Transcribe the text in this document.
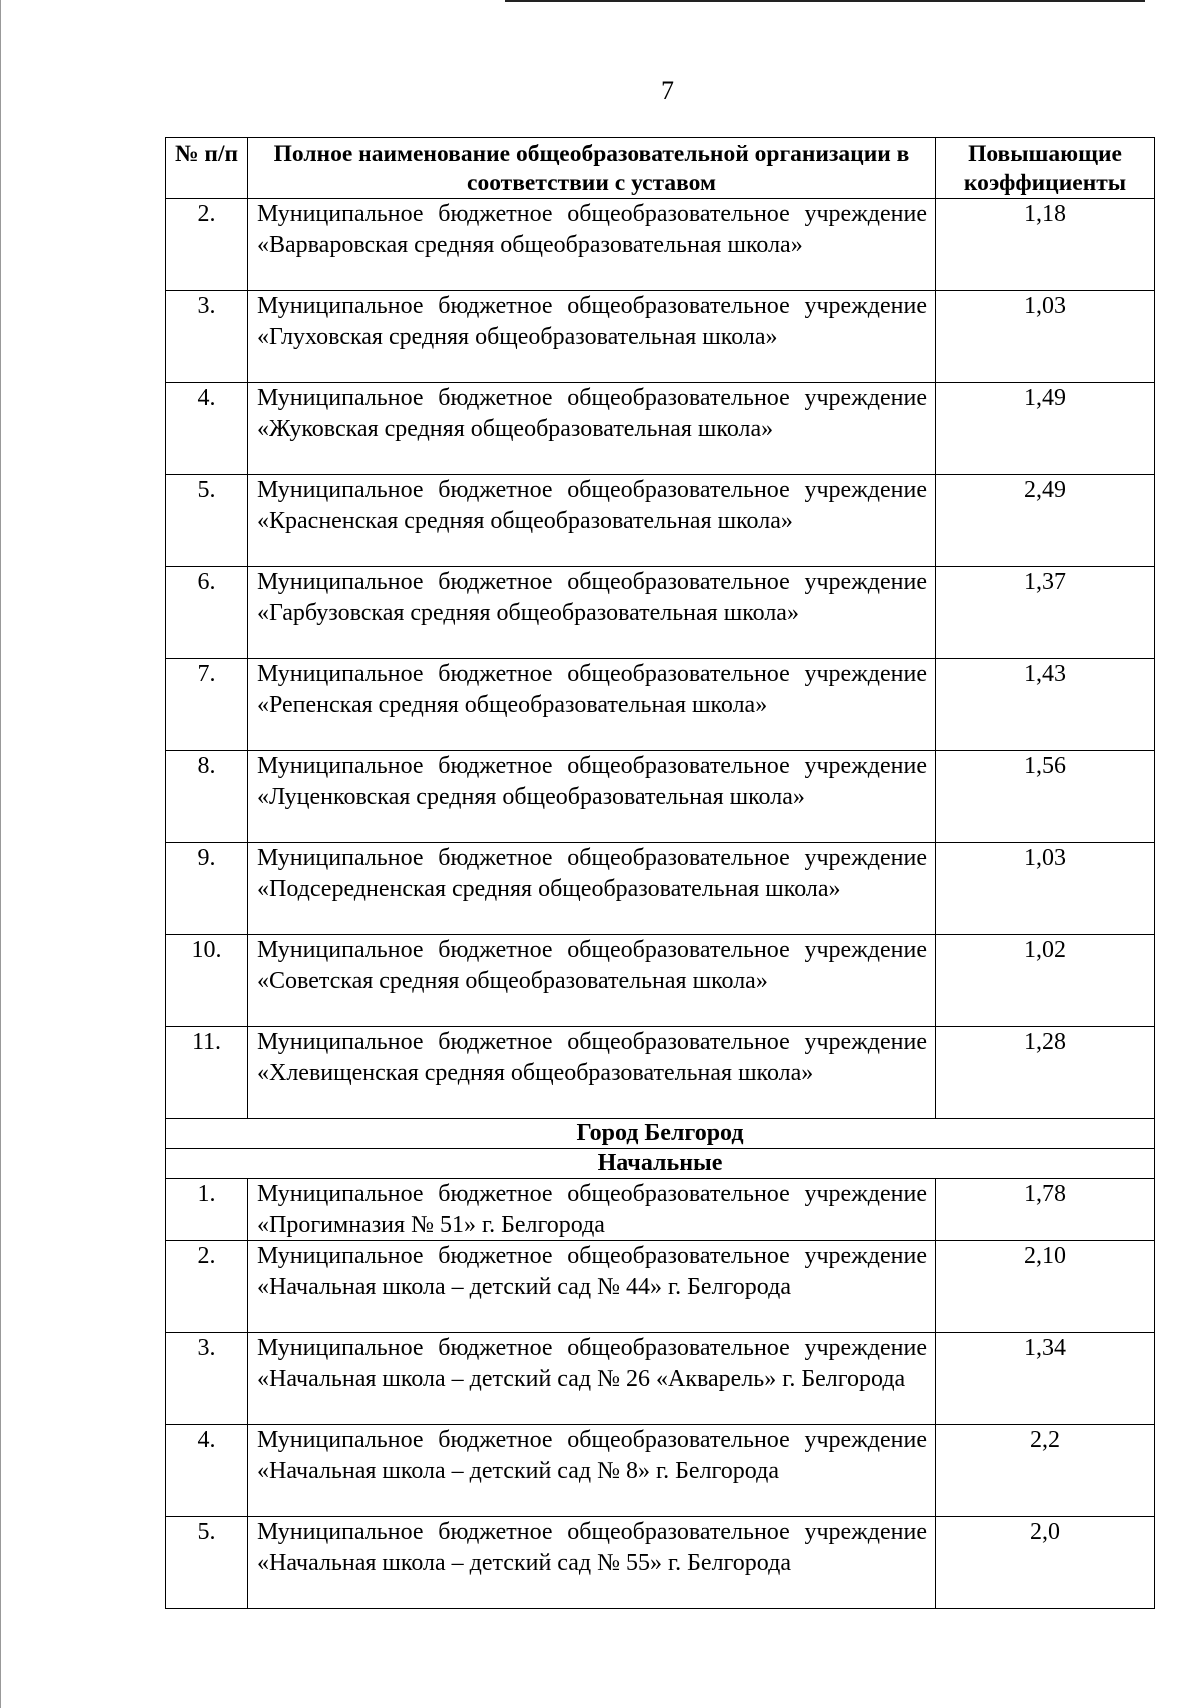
7
№ п/п	Полное наименование общеобразовательной организации в соответствии с уставом	Повышающие коэффициенты
2.	Муниципальное бюджетное общеобразовательное учреждение «Варваровская средняя общеобразовательная школа»	1,18
3.	Муниципальное бюджетное общеобразовательное учреждение «Глуховская средняя общеобразовательная школа»	1,03
4.	Муниципальное бюджетное общеобразовательное учреждение «Жуковская средняя общеобразовательная школа»	1,49
5.	Муниципальное бюджетное общеобразовательное учреждение «Красненская средняя общеобразовательная школа»	2,49
6.	Муниципальное бюджетное общеобразовательное учреждение «Гарбузовская средняя общеобразовательная школа»	1,37
7.	Муниципальное бюджетное общеобразовательное учреждение «Репенская средняя общеобразовательная школа»	1,43
8.	Муниципальное бюджетное общеобразовательное учреждение «Луценковская средняя общеобразовательная школа»	1,56
9.	Муниципальное бюджетное общеобразовательное учреждение «Подсередненская средняя общеобразовательная школа»	1,03
10.	Муниципальное бюджетное общеобразовательное учреждение «Советская средняя общеобразовательная школа»	1,02
11.	Муниципальное бюджетное общеобразовательное учреждение «Хлевищенская средняя общеобразовательная школа»	1,28
Город Белгород		
Начальные		
1.	Муниципальное бюджетное общеобразовательное учреждение «Прогимназия № 51» г. Белгорода	1,78
2.	Муниципальное бюджетное общеобразовательное учреждение «Начальная школа – детский сад № 44» г. Белгорода	2,10
3.	Муниципальное бюджетное общеобразовательное учреждение «Начальная школа – детский сад № 26 «Акварель» г. Белгорода	1,34
4.	Муниципальное бюджетное общеобразовательное учреждение «Начальная школа – детский сад № 8» г. Белгорода	2,2
5.	Муниципальное бюджетное общеобразовательное учреждение «Начальная школа – детский сад № 55» г. Белгорода	2,0
